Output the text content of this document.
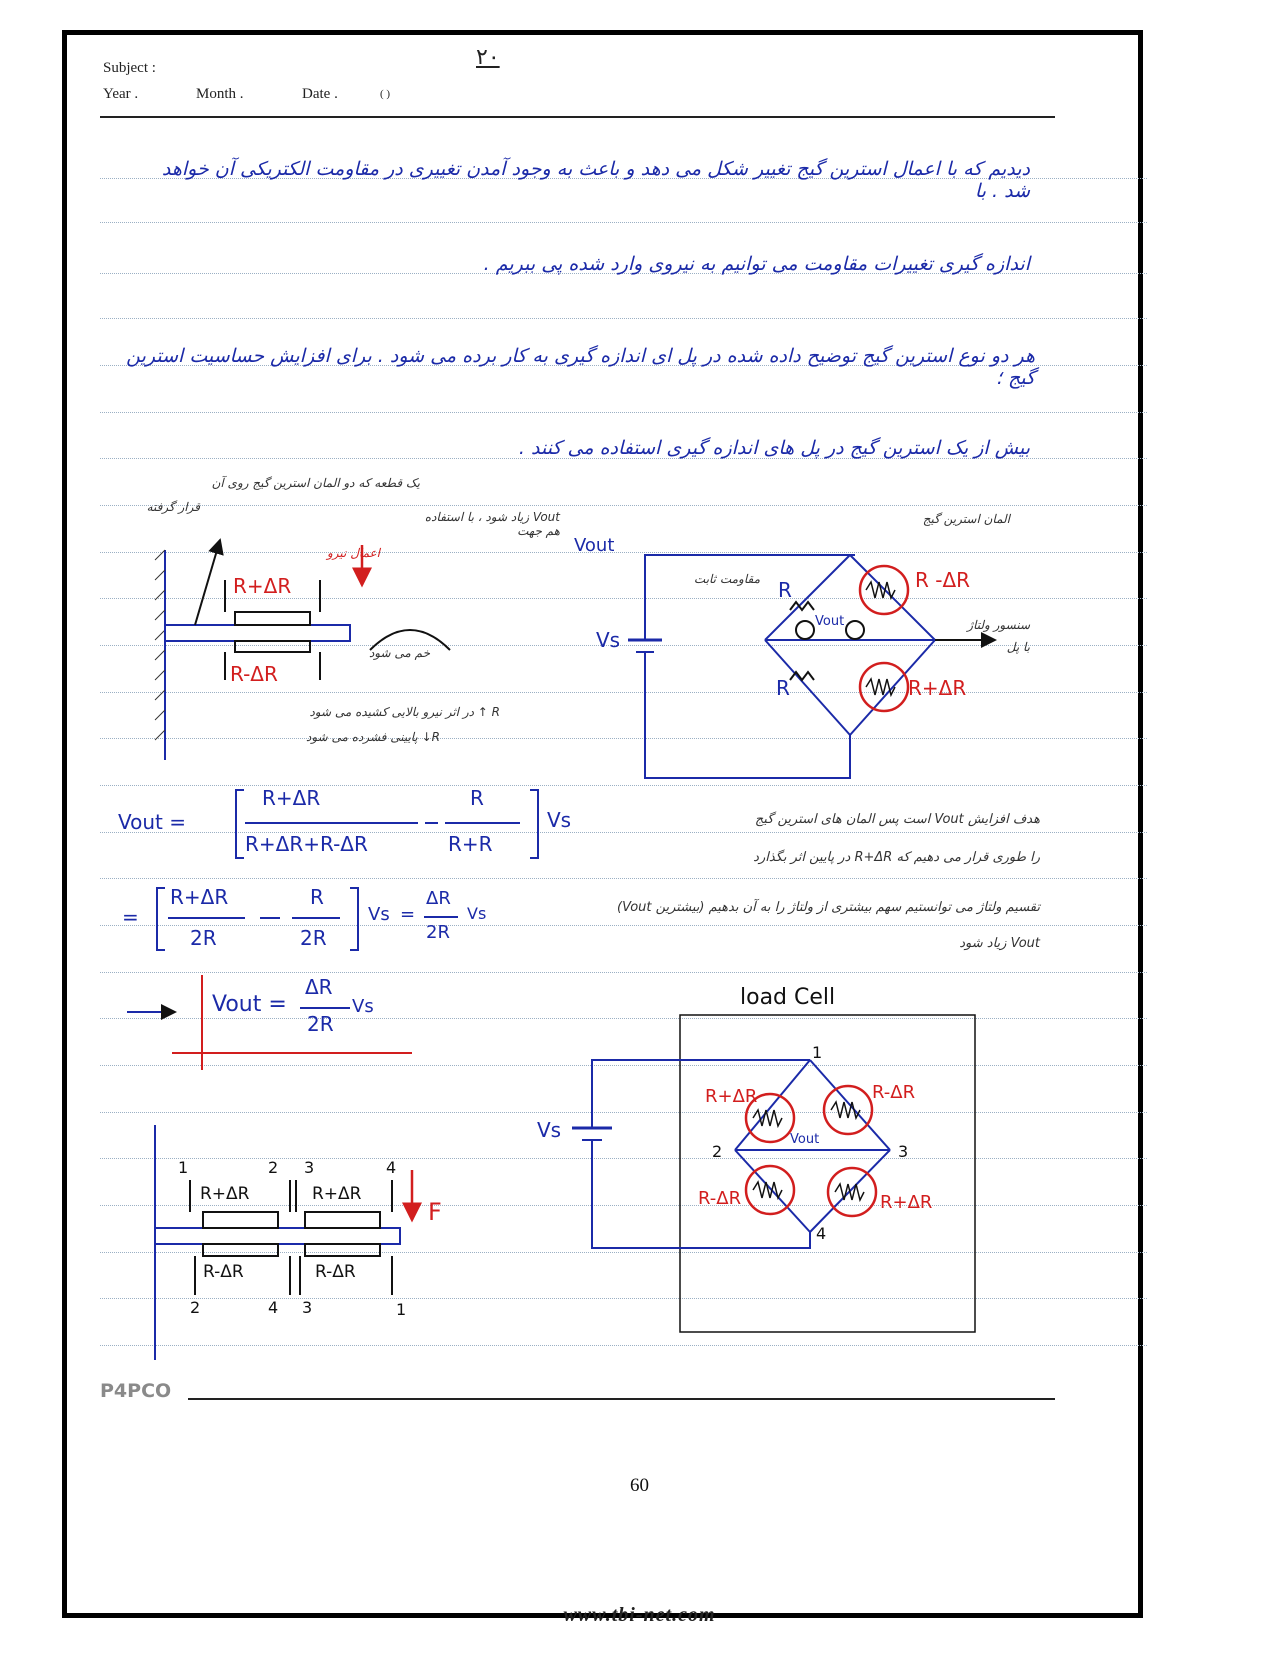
Subject :
Year .	Month .	Date .	( )
۲۰
دیدیم که با اعمال استرین گیج تغییر شکل می دهد و باعث به وجود آمدن تغییری در مقاومت الکتریکی آن خواهد شد . با
اندازه گیری تغییرات مقاومت می توانیم به نیروی وارد شده پی ببریم .
هر دو نوع استرین گیج توضیح داده شده در پل ای اندازه گیری به کار برده می شود . برای افزایش حساسیت استرین گیج ؛
بیش از یک استرین گیج در پل های اندازه گیری استفاده می کنند .
یک قطعه که دو المان استرین گیج روی آن
قرار گرفته
اعمال نیرو
خم می شود
R ↑ در اثر نیرو بالایی کشیده می شود
R↓ پایینی فشرده می شود
Vout زیاد شود ، با استفاده هم جهت
المان استرین گیج
سنسور ولتاژ
با پل
مقاومت ثابت
هدف افزایش Vout است پس المان های استرین گیج
را طوری قرار می دهیم که R+ΔR در پایین اثر بگذارد
تقسیم ولتاژ می توانستیم سهم بیشتری از ولتاژ را به آن بدهیم (بیشترین Vout)
Vout زیاد شود
Vout =
R+ΔR
R+ΔR+R-ΔR
R
R+R
Vs
=
R+ΔR
2R
R
2R
Vs =
ΔR
2R
Vs
Vout =
ΔR
2R
Vs
R+ΔR
R-ΔR
Vout
Vs
R
R
Vout
R -ΔR
R+ΔR
1	2 3	4
R+ΔR	R+ΔR
R-ΔR	R-ΔR
2	4 3	1
F
load Cell
Vs
1
2	3
4
Vout
R+ΔR	R-ΔR
R-ΔR	R+ΔR
P4PCO
60
www.tbi-net.com
